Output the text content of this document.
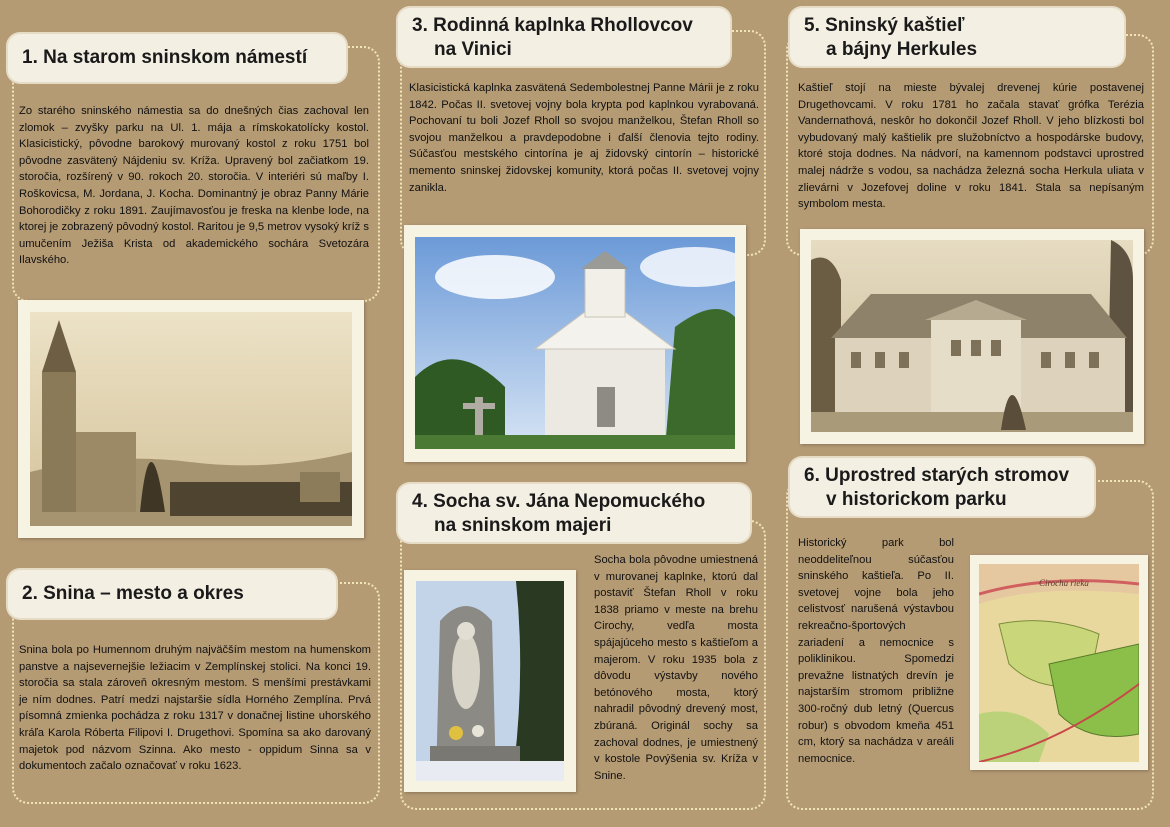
1. Na starom sninskom námestí

Zo starého sninského námestia sa do dnešných čias zachoval len zlomok – zvyšky parku na Ul. 1. mája a rímskokatolícky kostol. Klasicistický, pôvodne barokový murovaný kostol z roku 1751 bol pôvodne zasvätený Nájdeniu sv. Kríža. Upravený bol začiatkom 19. storočia, rozšírený v 90. rokoch 20. storočia. V interiéri sú maľby I. Roškovicsa, M. Jordana, J. Kocha. Dominantný je obraz Panny Márie Bohorodičky z roku 1891. Zaujímavosťou je freska na klenbe lode, na ktorej je zobrazený pôvodný kostol. Raritou je 9,5 metrov vysoký kríž s umučením Ježiša Krista od akademického sochára Svetozára Ilavského.

2. Snina – mesto a okres

Snina bola po Humennom druhým najväčším mestom na humenskom panstve a najsevernejšie ležiacim v Zemplínskej stolici. Na konci 19. storočia sa stala zároveň okresným mestom. S menšími prestávkami je ním dodnes. Patrí medzi najstaršie sídla Horného Zemplína. Prvá písomná zmienka pochádza z roku 1317 v donačnej listine uhorského kráľa Karola Róberta Filipovi I. Drugethovi. Spomína sa ako darovaný majetok pod názvom Szinna. Ako mesto - oppidum Sinna sa v dokumentoch začalo označovať v roku 1623.

3. Rodinná kaplnka Rhollovcov
na Vinici

Klasicistická kaplnka zasvätená Sedembolestnej Panne Márii je z roku 1842. Počas II. svetovej vojny bola krypta pod kaplnkou vyrabovaná. Pochovaní tu boli Jozef Rholl so svojou manželkou, Štefan Rholl so svojou manželkou a pravdepodobne i ďalší členovia tejto rodiny. Súčasťou mestského cintorína je aj židovský cintorín – historické memento sninskej židovskej komunity, ktorá počas II. svetovej vojny zanikla.

4. Socha sv. Jána Nepomuckého
na sninskom majeri

Socha bola pôvodne umiestnená v murovanej kaplnke, ktorú dal postaviť Štefan Rholl v roku 1838 priamo v meste na brehu Cirochy, vedľa mosta spájajúceho mesto s kaštieľom a majerom. V roku 1935 bola z dôvodu výstavby nového betónového mosta, ktorý nahradil pôvodný drevený most, zbúraná. Originál sochy sa zachoval dodnes, je umiestnený v kostole Povýšenia sv. Kríža v Snine.

5. Sninský kaštieľ
a bájny Herkules

Kaštieľ stojí na mieste bývalej drevenej kúrie postavenej Drugethovcami. V roku 1781 ho začala stavať grófka Terézia Vandernathová, neskôr ho dokončil Jozef Rholl. V jeho blízkosti bol vybudovaný malý kaštielik pre služobníctvo a hospodárske budovy, ktoré stoja dodnes. Na nádvorí, na kamennom podstavci uprostred malej nádrže s vodou, sa nachádza železná socha Herkula uliata v zlievárni v Jozefovej doline v roku 1841. Stala sa nepísaným symbolom mesta.

6. Uprostred starých stromov
v historickom parku

Historický park bol neoddeliteľnou súčasťou sninského kaštieľa. Po II. svetovej vojne bola jeho celistvosť narušená výstavbou rekreačno-športových zariadení a nemocnice s poliklinikou. Spomedzi prevažne listnatých drevín je najstarším stromom približne 300-ročný dub letný (Quercus robur) s obvodom kmeňa 451 cm, ktorý sa nachádza v areáli nemocnice.

Cirocha rieka
